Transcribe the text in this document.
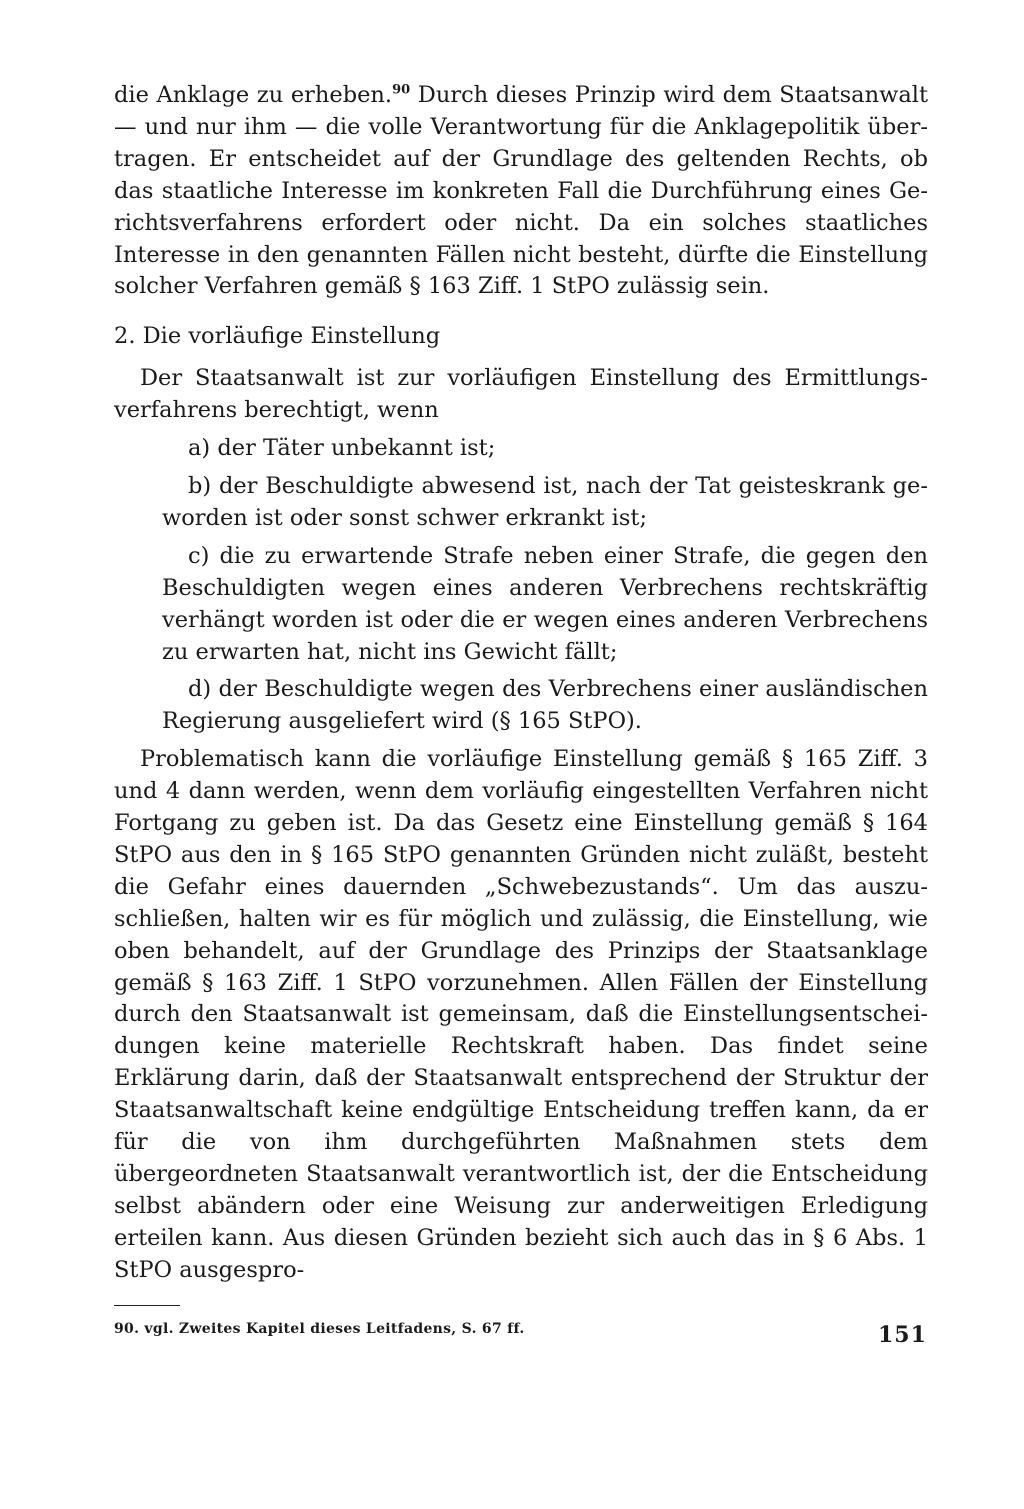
die Anklage zu erheben.$^{90}$ Durch dieses Prinzip wird dem Staatsanwalt — und nur ihm — die volle Verantwortung für die Anklagepolitik übertragen. Er entscheidet auf der Grundlage des geltenden Rechts, ob das staatliche Interesse im konkreten Fall die Durchführung eines Gerichtsverfahrens erfordert oder nicht. Da ein solches staatliches Interesse in den genannten Fällen nicht besteht, dürfte die Einstellung solcher Verfahren gemäß § 163 Ziff. 1 StPO zulässig sein.

2. Die vorläufige Einstellung

Der Staatsanwalt ist zur vorläufigen Einstellung des Ermittlungsverfahrens berechtigt, wenn

a) der Täter unbekannt ist;

b) der Beschuldigte abwesend ist, nach der Tat geisteskrank geworden ist oder sonst schwer erkrankt ist;

c) die zu erwartende Strafe neben einer Strafe, die gegen den Beschuldigten wegen eines anderen Verbrechens rechtskräftig verhängt worden ist oder die er wegen eines anderen Verbrechens zu erwarten hat, nicht ins Gewicht fällt;

d) der Beschuldigte wegen des Verbrechens einer ausländischen Regierung ausgeliefert wird (§ 165 StPO).

Problematisch kann die vorläufige Einstellung gemäß § 165 Ziff. 3 und 4 dann werden, wenn dem vorläufig eingestellten Verfahren nicht Fortgang zu geben ist. Da das Gesetz eine Einstellung gemäß § 164 StPO aus den in § 165 StPO genannten Gründen nicht zuläßt, besteht die Gefahr eines dauernden „Schwebezustands“. Um das auszuschließen, halten wir es für möglich und zulässig, die Einstellung, wie oben behandelt, auf der Grundlage des Prinzips der Staatsanklage gemäß § 163 Ziff. 1 StPO vorzunehmen. Allen Fällen der Einstellung durch den Staatsanwalt ist gemeinsam, daß die Einstellungsentscheidungen keine materielle Rechtskraft haben. Das findet seine Erklärung darin, daß der Staatsanwalt entsprechend der Struktur der Staatsanwaltschaft keine endgültige Entscheidung treffen kann, da er für die von ihm durchgeführten Maßnahmen stets dem übergeordneten Staatsanwalt verantwortlich ist, der die Entscheidung selbst abändern oder eine Weisung zur anderweitigen Erledigung erteilen kann. Aus diesen Gründen bezieht sich auch das in § 6 Abs. 1 StPO ausgespro-

90. vgl. Zweites Kapitel dieses Leitfadens, S. 67 ff.	151
